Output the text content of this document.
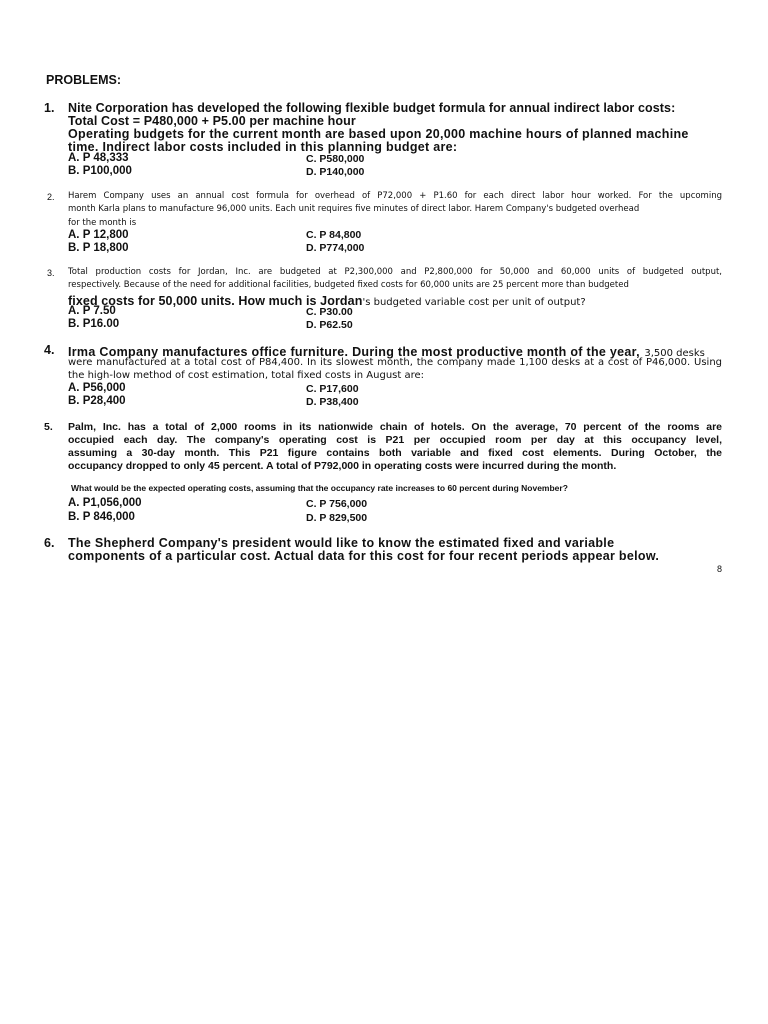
PROBLEMS:
1. Nite Corporation has developed the following flexible budget formula for annual indirect labor costs:
Total Cost = P480,000 + P5.00 per machine hour
Operating budgets for the current month are based upon 20,000 machine hours of planned machine
time. Indirect labor costs included in this planning budget are:
A. P 48,333	C. P580,000
B. P100,000	D. P140,000
2. Harem Company uses an annual cost formula for overhead of P72,000 + P1.60 for each direct labor hour worked. For the upcoming
month Karla plans to manufacture 96,000 units. Each unit requires five minutes of direct labor. Harem Company's budgeted overhead
for the month is
A. P 12,800	C. P 84,800
B. P 18,800	D. P774,000
3. Total production costs for Jordan, Inc. are budgeted at P2,300,000 and P2,800,000 for 50,000 and 60,000 units of budgeted output,
respectively. Because of the need for additional facilities, budgeted fixed costs for 60,000 units are 25 percent more than budgeted
fixed costs for 50,000 units. How much is Jordan's budgeted variable cost per unit of output?
A. P 7.50	C. P30.00
B. P16.00	D. P62.50
4. Irma Company manufactures office furniture. During the most productive month of the year, 3,500 desks
were manufactured at a total cost of P84,400. In its slowest month, the company made 1,100 desks at a cost of P46,000. Using
the high-low method of cost estimation, total fixed costs in August are:
A. P56,000	C. P17,600
B. P28,400	D. P38,400
5. Palm, Inc. has a total of 2,000 rooms in its nationwide chain of hotels. On the average, 70 percent of the rooms are
occupied each day. The company's operating cost is P21 per occupied room per day at this occupancy level,
assuming a 30-day month. This P21 figure contains both variable and fixed cost elements. During October, the
occupancy dropped to only 45 percent. A total of P792,000 in operating costs were incurred during the month.
What would be the expected operating costs, assuming that the occupancy rate increases to 60 percent during November?
A. P1,056,000	C. P 756,000
B. P 846,000	D. P 829,500
6. The Shepherd Company's president would like to know the estimated fixed and variable
components of a particular cost. Actual data for this cost for four recent periods appear below.
8
